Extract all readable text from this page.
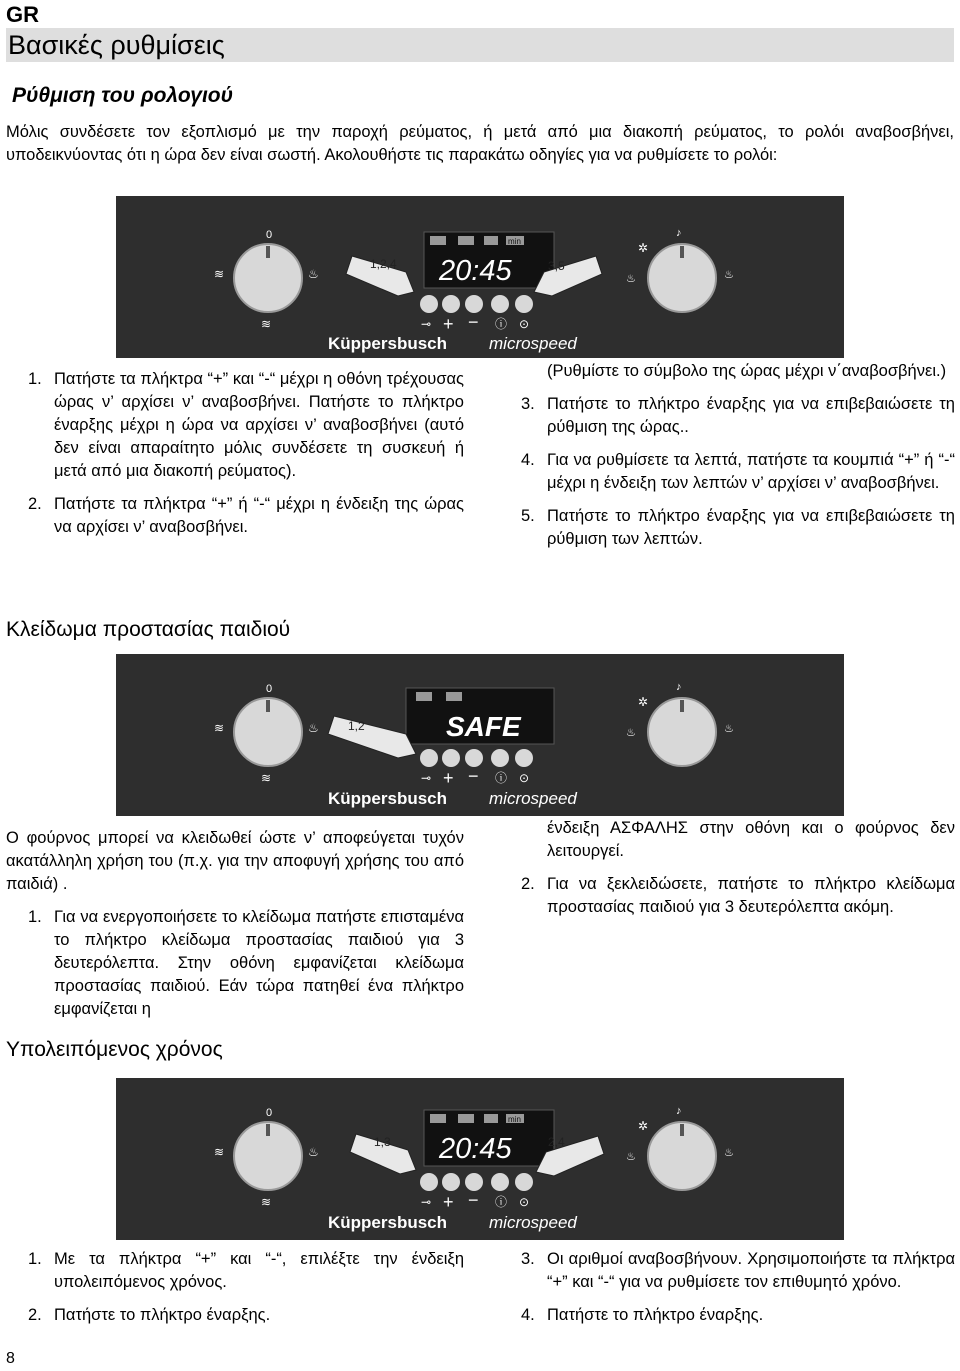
GR
Βασικές ρυθμίσεις
Ρύθμιση του ρολογιού
Μόλις συνδέσετε τον εξοπλισμό με την παροχή ρεύματος, ή μετά από μια διακοπή ρεύματος, το ρολόι αναβοσβήνει, υποδεικνύοντας ότι η ώρα δεν είναι σωστή. Ακολουθήστε τις παρακάτω οδηγίες για να ρυθμίσετε το ρολόι:
0
≋	♨
≋
✲
♪
♨	♨
min
20:45
⊸ + − ⓘ ⊙
Küppersbusch microspeed
1,2,4	3,5
1. Πατήστε τα πλήκτρα “+” και “-“ μέχρι η οθόνη τρέχουσας ώρας ν’ αρχίσει ν’ αναβοσβήνει. Πατήστε το πλήκτρο έναρξης μέχρι η ώρα να αρχίσει ν’ αναβοσβήνει (αυτό δεν είναι απαραίτητο μόλις συνδέσετε τη συσκευή ή μετά από μια διακοπή ρεύματος).
2. Πατήστε τα πλήκτρα “+” ή “-“ μέχρι η ένδειξη της ώρας να αρχίσει ν’ αναβοσβήνει.
(Ρυθμίστε το σύμβολο της ώρας μέχρι ν΄αναβοσβήνει.)
3. Πατήστε το πλήκτρο έναρξης για να επιβεβαιώσετε τη ρύθμιση της ώρας..
4. Για να ρυθμίσετε τα λεπτά, πατήστε τα κουμπιά “+” ή “-“ μέχρι η ένδειξη των λεπτών ν’ αρχίσει ν’ αναβοσβήνει.
5. Πατήστε το πλήκτρο έναρξης για να επιβεβαιώσετε τη ρύθμιση των λεπτών.
Κλείδωμα προστασίας παιδιού
0
≋	♨
≋
✲
♪
♨	♨
SAFE
⊸ + − ⓘ ⊙
Küppersbusch microspeed
1,2
Ο φούρνος μπορεί να κλειδωθεί ώστε ν’ αποφεύγεται τυχόν ακατάλληλη χρήση του (π.χ. για την αποφυγή χρήσης του από παιδιά) .
1. Για να ενεργοποιήσετε το κλείδωμα πατήστε επισταμένα το πλήκτρο κλείδωμα προστασίας παιδιού για 3 δευτερόλεπτα. Στην οθόνη εμφανίζεται κλείδωμα προστασίας παιδιού. Εάν τώρα πατηθεί ένα πλήκτρο εμφανίζεται η
ένδειξη ΑΣΦΑΛΗΣ στην οθόνη και ο φούρνος δεν λειτουργεί.
2. Για να ξεκλειδώσετε, πατήστε το πλήκτρο κλείδωμα προστασίας παιδιού για 3 δευτερόλεπτα ακόμη.
Υπολειπόμενος χρόνος
0
≋	♨
≋
✲
♪
♨	♨
min
20:45
⊸ + − ⓘ ⊙
Küppersbusch microspeed
1,3	2,4
1. Με τα πλήκτρα “+” και “-“, επιλέξτε την ένδειξη υπολειπόμενος χρόνος.
2. Πατήστε το πλήκτρο έναρξης.
3. Οι αριθμοί αναβοσβήνουν. Χρησιμοποιήστε τα πλήκτρα “+” και “-“ για να ρυθμίσετε τον επιθυμητό χρόνο.
4. Πατήστε το πλήκτρο έναρξης.
8
